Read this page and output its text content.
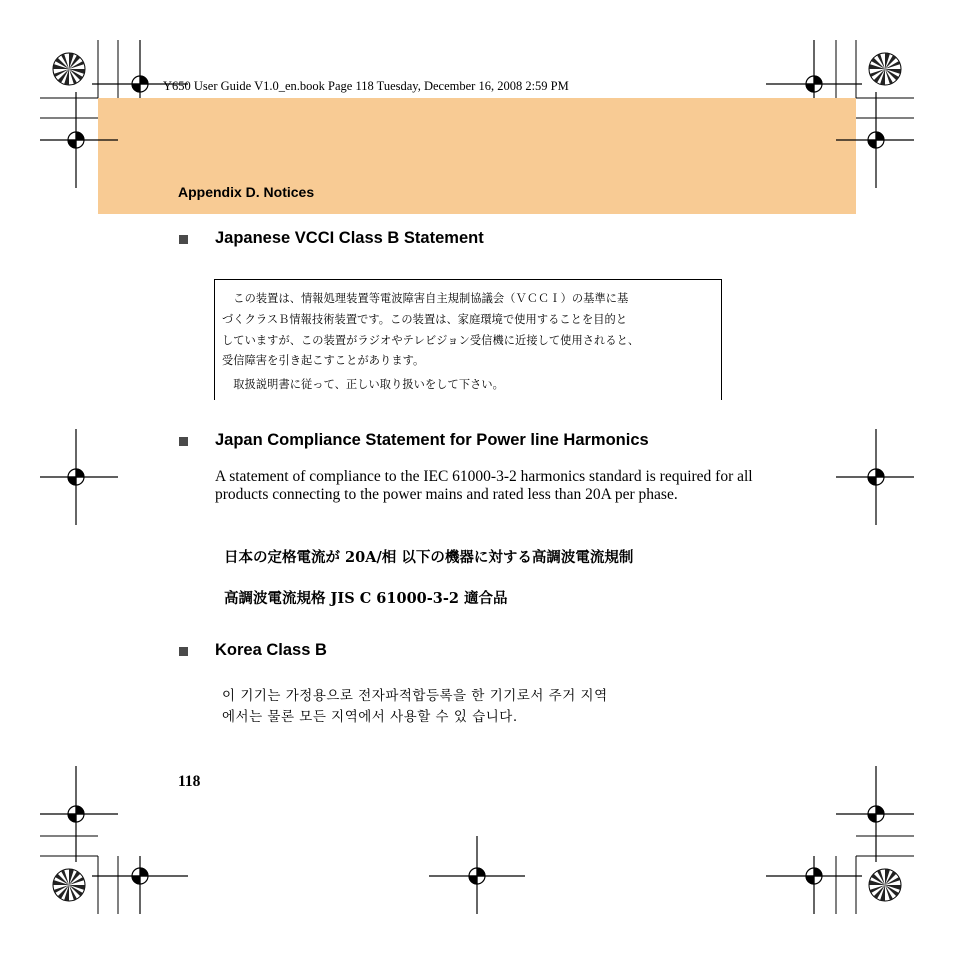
Y650 User Guide V1.0_en.book Page 118 Tuesday, December 16, 2008 2:59 PM
Appendix D. Notices
Japanese VCCI Class B Statement
　この装置は、情報処理装置等電波障害自主規制協議会（ＶＣＣＩ）の基準に基
づくクラスＢ情報技術装置です。この装置は、家庭環境で使用することを目的と
していますが、この装置がラジオやテレビジョン受信機に近接して使用されると、
受信障害を引き起こすことがあります。
　取扱説明書に従って、正しい取り扱いをして下さい。
Japan Compliance Statement for Power line Harmonics
A statement of compliance to the IEC 61000-3-2 harmonics standard is required for all products connecting to the power mains and rated less than 20A per phase.
日本の定格電流が 20A/相 以下の機器に対する高調波電流規制
高調波電流規格 JIS C 61000-3-2 適合品
Korea Class B
이 기기는 가정용으로 전자파적합등록을 한 기기로서 주거 지역
에서는 물론 모든 지역에서 사용할 수 있 습니다.
118
